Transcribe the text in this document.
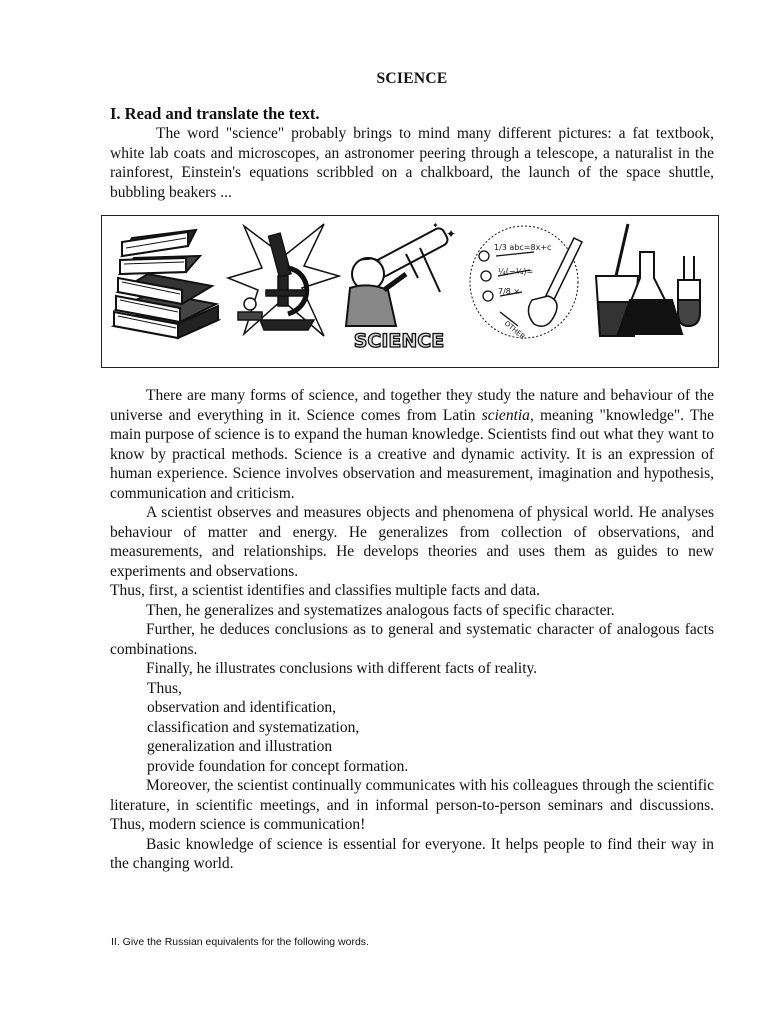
SCIENCE
I. Read and translate the text.

The word "science" probably brings to mind many different pictures: a fat textbook, white lab coats and microscopes, an astronomer peering through a telescope, a naturalist in the rainforest, Einstein's equations scribbled on a chalkboard, the launch of the space shuttle, bubbling beakers ...

✦
✦
SCIENCE
1/3 abc=8x+c
¼(−¼)=
7/8 ×
OTHER

There are many forms of science, and together they study the nature and behaviour of the universe and everything in it. Science comes from Latin scientia, meaning "knowledge". The main purpose of science is to expand the human knowledge. Scientists find out what they want to know by practical methods. Science is a creative and dynamic activity. It is an expression of human experience. Science involves observation and measurement, imagination and hypothesis, communication and criticism.

A scientist observes and measures objects and phenomena of physical world. He analyses behaviour of matter and energy. He generalizes from collection of observations, and measurements, and relationships. He develops theories and uses them as guides to new experiments and observations.

Thus, first, a scientist identifies and classifies multiple facts and data.

Then, he generalizes and systematizes analogous facts of specific character.

Further, he deduces conclusions as to general and systematic character of analogous facts combinations.

Finally, he illustrates conclusions with different facts of reality.

Thus,

observation and identification,

classification and systematization,

generalization and illustration

provide foundation for concept formation.

Moreover, the scientist continually communicates with his colleagues through the scientific literature, in scientific meetings, and in informal person-to-person seminars and discussions. Thus, modern science is communication!

Basic knowledge of science is essential for everyone. It helps people to find their way in the changing world.

II. Give the Russian equivalents for the following words.
